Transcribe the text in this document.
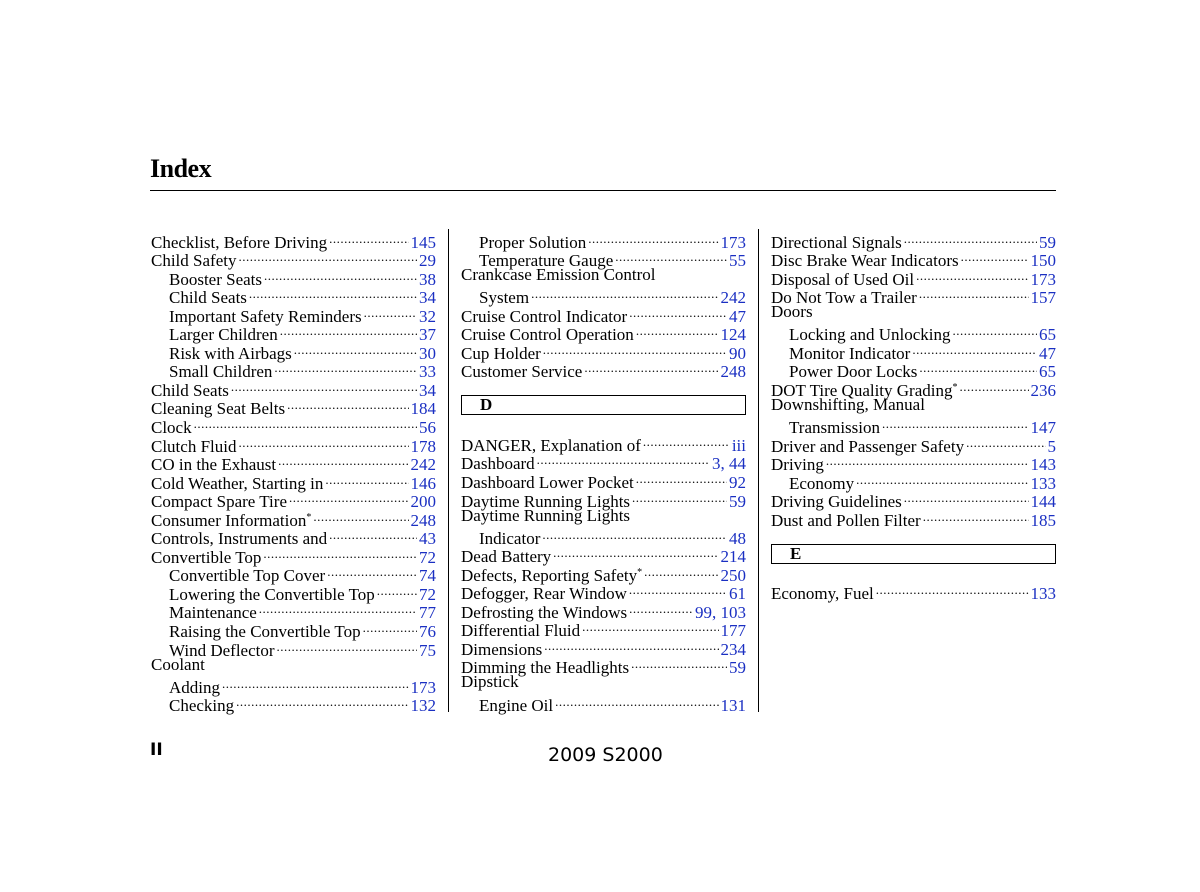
Index
Checklist, Before Driving .....	145
Child Safety .....	29
Booster Seats .....	38
Child Seats .....	34
Important Safety Reminders .....	32
Larger Children .....	37
Risk with Airbags .....	30
Small Children .....	33
Child Seats .....	34
Cleaning Seat Belts .....	184
Clock .....	56
Clutch Fluid .....	178
CO in the Exhaust .....	242
Cold Weather, Starting in .....	146
Compact Spare Tire .....	200
Consumer Information* .....	248
Controls, Instruments and .....	43
Convertible Top .....	72
Convertible Top Cover .....	74
Lowering the Convertible Top .....	72
Maintenance .....	77
Raising the Convertible Top .....	76
Wind Deflector .....	75
Coolant
Adding .....	173
Checking .....	132
Proper Solution .....	173
Temperature Gauge .....	55
Crankcase Emission Control
System .....	242
Cruise Control Indicator .....	47
Cruise Control Operation .....	124
Cup Holder .....	90
Customer Service .....	248
D
DANGER, Explanation of .....	iii
Dashboard .....	3, 44
Dashboard Lower Pocket .....	92
Daytime Running Lights .....	59
Daytime Running Lights
Indicator .....	48
Dead Battery .....	214
Defects, Reporting Safety* .....	250
Defogger, Rear Window .....	61
Defrosting the Windows .....	99, 103
Differential Fluid .....	177
Dimensions .....	234
Dimming the Headlights .....	59
Dipstick
Engine Oil .....	131
Directional Signals .....	59
Disc Brake Wear Indicators .....	150
Disposal of Used Oil .....	173
Do Not Tow a Trailer .....	157
Doors
Locking and Unlocking .....	65
Monitor Indicator .....	47
Power Door Locks .....	65
DOT Tire Quality Grading* .....	236
Downshifting, Manual
Transmission .....	147
Driver and Passenger Safety .....	5
Driving .....	143
Economy .....	133
Driving Guidelines .....	144
Dust and Pollen Filter .....	185
E
Economy, Fuel .....	133
II	2009 S2000
